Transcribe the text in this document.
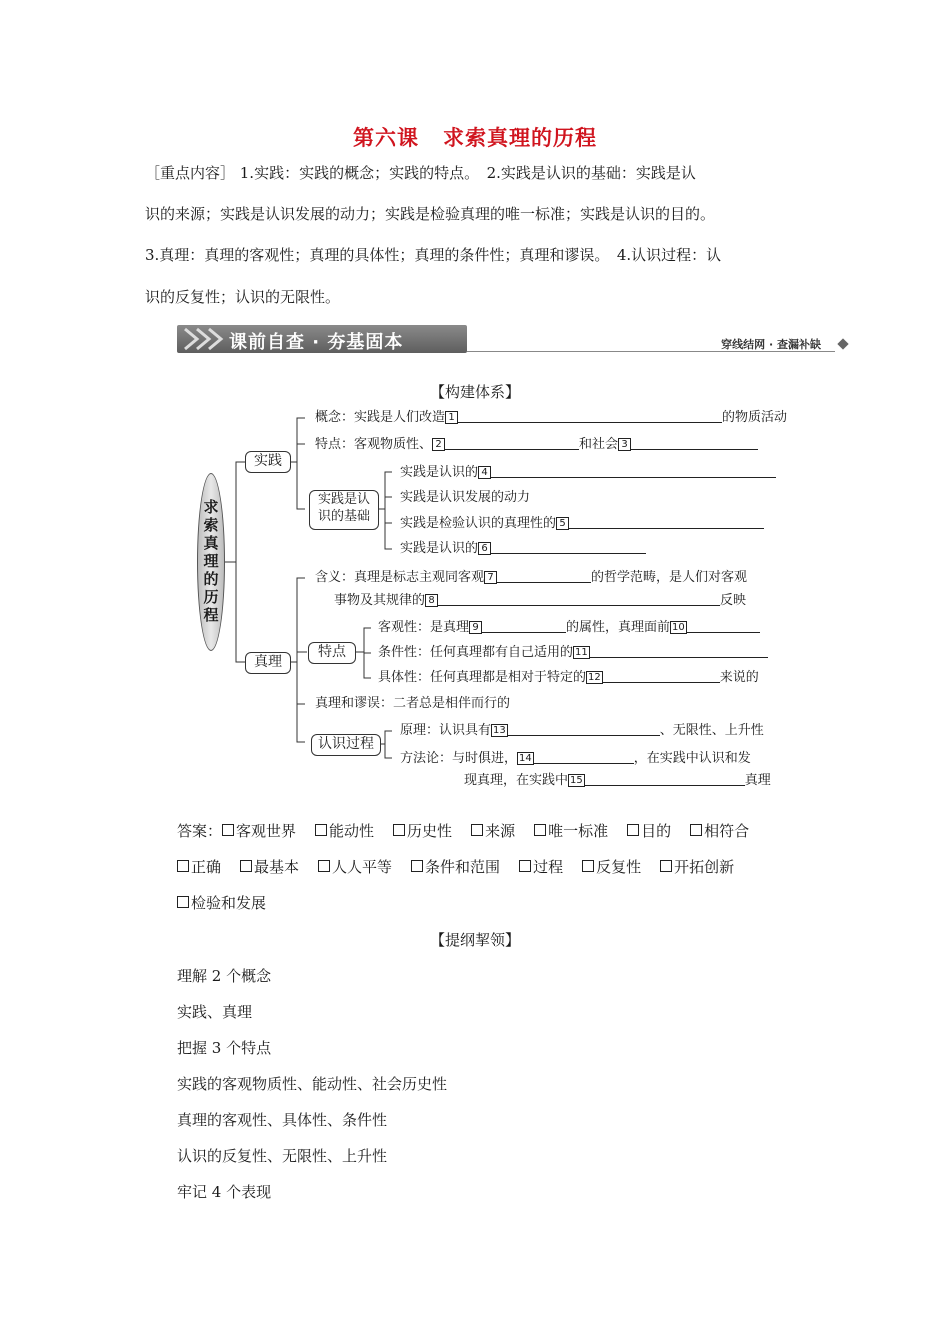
第六课 求索真理的历程
［重点内容］ 1.实践：实践的概念；实践的特点。　2.实践是认识的基础：实践是认
识的来源；实践是认识发展的动力；实践是检验真理的唯一标准；实践是认识的目的。
3.真理：真理的客观性；真理的具体性；真理的条件性；真理和谬误。　4.认识过程：认
识的反复性；认识的无限性。
课前自查 · 夯基固本	穿线结网 · 查漏补缺
【构建体系】
求索真理的历程
实践
概念：实践是人们改造 1	的物质活动
特点：客观物质性、 2	和社会 3
实践是认
识的基础
实践是认识的 4
实践是认识发展的动力
实践是检验认识的真理性的 5
实践是认识的 6
真理
含义：真理是标志主观同客观 7	的哲学范畴，是人们对客观
事物及其规律的 8	反映
特点
客观性：是真理 9	的属性，真理面前 10
条件性：任何真理都有自己适用的 11
具体性：任何真理都是相对于特定的 12	来说的
真理和谬误：二者总是相伴而行的
认识过程
原理：认识具有 13	、无限性、上升性
方法论：与时俱进， 14	，在实践中认识和发
现真理，在实践中 15	真理
答案： 客观世界 能动性 历史性 来源 唯一标准 目的 相符合
正确 最基本 人人平等 条件和范围 过程 反复性 开拓创新
检验和发展
【提纲挈领】
理解 2 个概念
实践、真理
把握 3 个特点
实践的客观物质性、能动性、社会历史性
真理的客观性、具体性、条件性
认识的反复性、无限性、上升性
牢记 4 个表现
